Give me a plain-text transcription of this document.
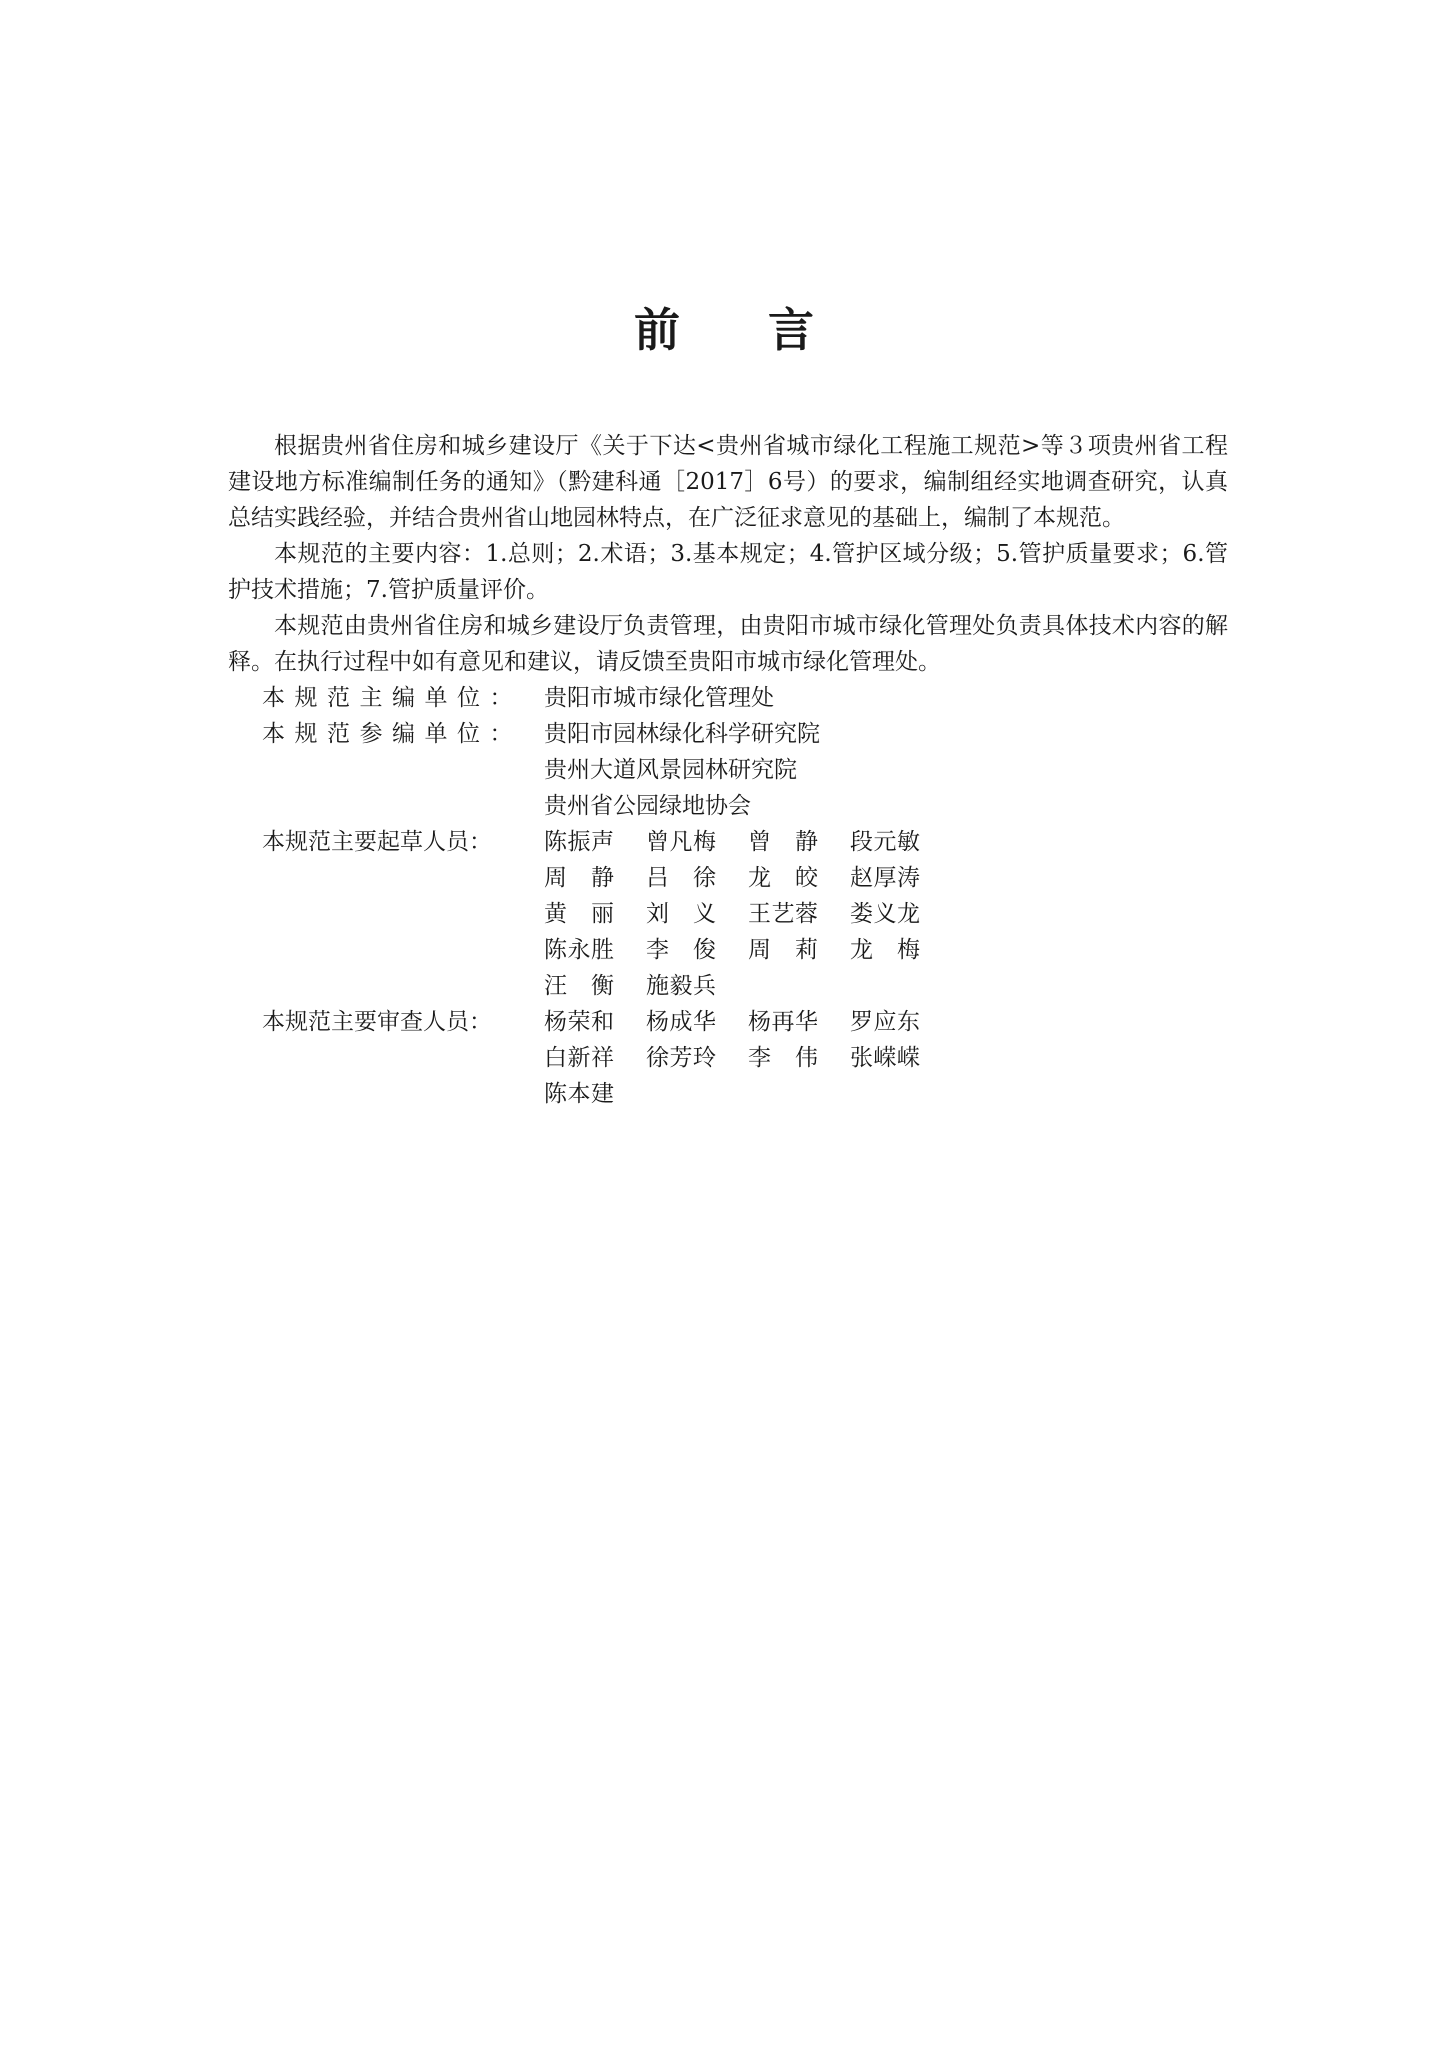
前 言

根据贵州省住房和城乡建设厅《关于下达<贵州省城市绿化工程施工规范>等３项贵州省工程建设地方标准编制任务的通知》（黔建科通［2017］6号）的要求，编制组经实地调查研究，认真总结实践经验，并结合贵州省山地园林特点，在广泛征求意见的基础上，编制了本规范。

本规范的主要内容：1.总则；2.术语；3.基本规定；4.管护区域分级；5.管护质量要求；6.管护技术措施；7.管护质量评价。

本规范由贵州省住房和城乡建设厅负责管理，由贵阳市城市绿化管理处负责具体技术内容的解释。在执行过程中如有意见和建议，请反馈至贵阳市城市绿化管理处。

本规范主编单位： 贵阳市城市绿化管理处
本规范参编单位： 贵阳市园林绿化科学研究院
贵州大道风景园林研究院
贵州省公园绿地协会
本规范主要起草人员：	陈振声 曾凡梅 曾静 段元敏
周静 吕徐 龙皎 赵厚涛
黄丽 刘义 王艺蓉 娄义龙
陈永胜 李俊 周莉 龙梅
汪衡 施毅兵
本规范主要审查人员：	杨荣和 杨成华 杨再华 罗应东
白新祥 徐芳玲 李伟 张嵘嵘
陈本建
